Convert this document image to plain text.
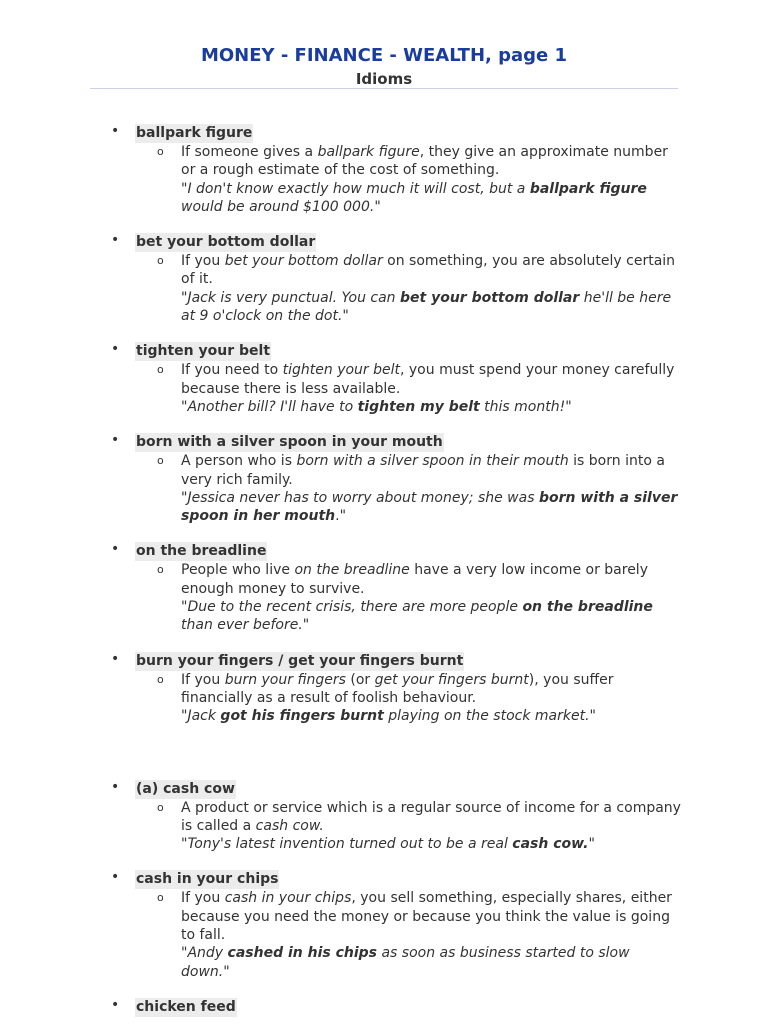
MONEY - FINANCE - WEALTH, page 1
Idioms
• ballpark figure
o If someone gives a ballpark figure, they give an approximate number or a rough estimate of the cost of something.
"I don't know exactly how much it will cost, but a ballpark figure would be around $100 000."
• bet your bottom dollar
o If you bet your bottom dollar on something, you are absolutely certain of it.
"Jack is very punctual. You can bet your bottom dollar he'll be here at 9 o'clock on the dot."
• tighten your belt
o If you need to tighten your belt, you must spend your money carefully because there is less available.
"Another bill? I'll have to tighten my belt this month!"
• born with a silver spoon in your mouth
o A person who is born with a silver spoon in their mouth is born into a very rich family.
"Jessica never has to worry about money; she was born with a silver spoon in her mouth."
• on the breadline
o People who live on the breadline have a very low income or barely enough money to survive.
"Due to the recent crisis, there are more people on the breadline than ever before."
• burn your fingers / get your fingers burnt
o If you burn your fingers (or get your fingers burnt), you suffer financially as a result of foolish behaviour.
"Jack got his fingers burnt playing on the stock market."
• (a) cash cow
o A product or service which is a regular source of income for a company is called a cash cow.
"Tony's latest invention turned out to be a real cash cow."
• cash in your chips
o If you cash in your chips, you sell something, especially shares, either because you need the money or because you think the value is going to fall.
"Andy cashed in his chips as soon as business started to slow down."
• chicken feed
